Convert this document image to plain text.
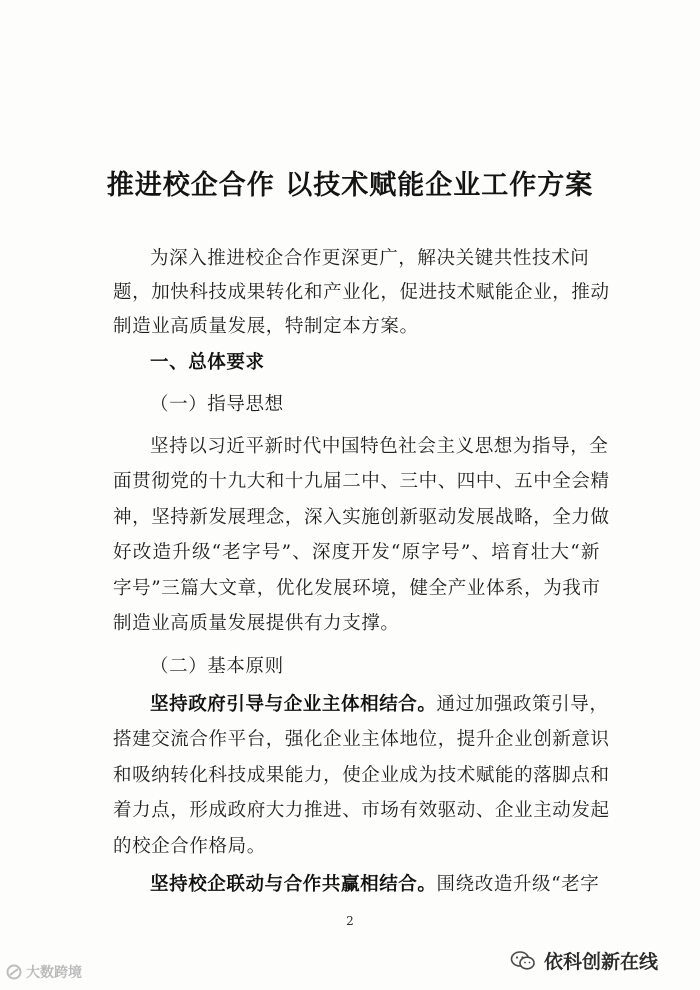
推进校企合作 以技术赋能企业工作方案
为深入推进校企合作更深更广，解决关键共性技术问
题，加快科技成果转化和产业化，促进技术赋能企业，推动
制造业高质量发展，特制定本方案。
一、总体要求
（一）指导思想
坚持以习近平新时代中国特色社会主义思想为指导，全
面贯彻党的十九大和十九届二中、三中、四中、五中全会精
神，坚持新发展理念，深入实施创新驱动发展战略，全力做
好改造升级“老字号”、深度开发“原字号”、培育壮大“新
字号”三篇大文章，优化发展环境，健全产业体系，为我市
制造业高质量发展提供有力支撑。
（二）基本原则
坚持政府引导与企业主体相结合。通过加强政策引导，
搭建交流合作平台，强化企业主体地位，提升企业创新意识
和吸纳转化科技成果能力，使企业成为技术赋能的落脚点和
着力点，形成政府大力推进、市场有效驱动、企业主动发起
的校企合作格局。
坚持校企联动与合作共赢相结合。围绕改造升级“老字
2
大数跨境	依科创新在线
